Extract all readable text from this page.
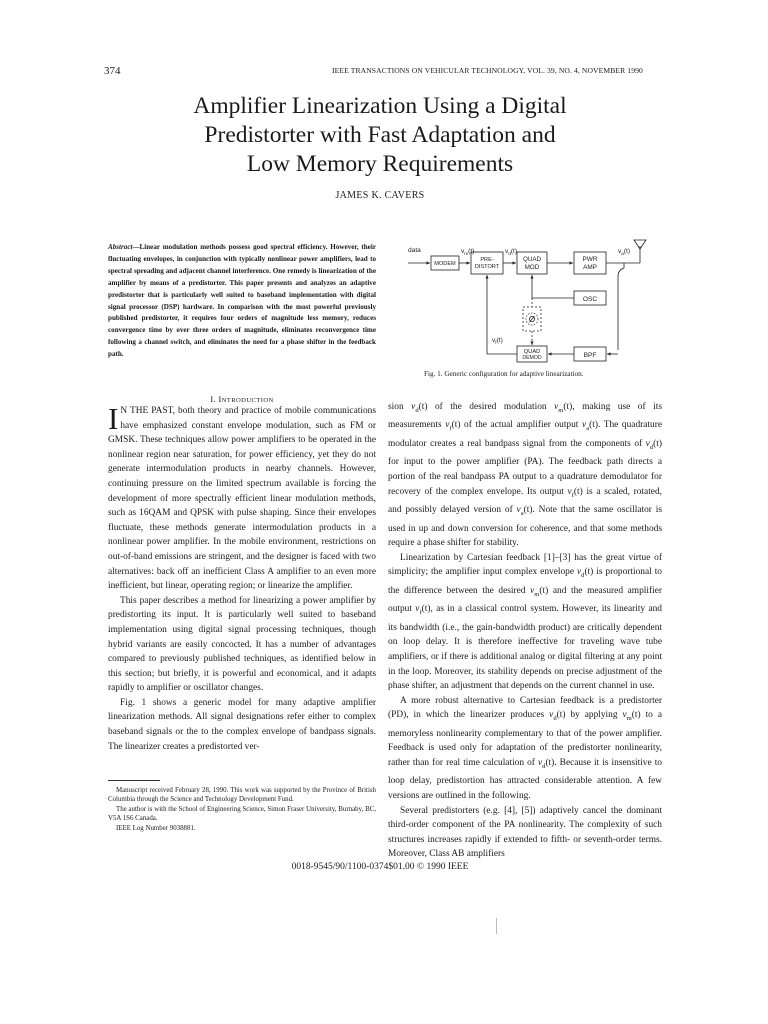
374	IEEE TRANSACTIONS ON VEHICULAR TECHNOLOGY, VOL. 39, NO. 4, NOVEMBER 1990
Amplifier Linearization Using a Digital
Predistorter with Fast Adaptation and
Low Memory Requirements
JAMES K. CAVERS
Abstract—Linear modulation methods possess good spectral efficiency. However, their fluctuating envelopes, in conjunction with typically nonlinear power amplifiers, lead to spectral spreading and adjacent channel interference. One remedy is linearization of the amplifier by means of a predistorter. This paper presents and analyzes an adaptive predistorter that is particularly well suited to baseband implementation with digital signal processor (DSP) hardware. In comparison with the most powerful previously published predistorter, it requires four orders of magnitude less memory, reduces convergence time by over three orders of magnitude, eliminates reconvergence time following a channel switch, and eliminates the need for a phase shifter in the feedback path.
Ø
MODEM
PRE-
DISTORT
QUAD
MOD
PWR
AMP
OSC
QUAD
DEMOD	BPF
data	$v_m(t)$	$v_d(t)$	$v_a(t)$
$v_f(t)$
Fig. 1. Generic configuration for adaptive linearization.
I. INTRODUCTION

I N THE PAST, both theory and practice of mobile communications have emphasized constant envelope modulation, such as FM or GMSK. These techniques allow power amplifiers to be operated in the nonlinear region near saturation, for power efficiency, yet they do not generate intermodulation products in nearby channels. However, continuing pressure on the limited spectrum available is forcing the development of more spectrally efficient linear modulation methods, such as 16QAM and QPSK with pulse shaping. Since their envelopes fluctuate, these methods generate intermodulation products in a nonlinear power amplifier. In the mobile environment, restrictions on out-of-band emissions are stringent, and the designer is faced with two alternatives: back off an inefficient Class A amplifier to an even more inefficient, but linear, operating region; or linearize the amplifier.

This paper describes a method for linearizing a power amplifier by predistorting its input. It is particularly well suited to baseband implementation using digital signal processing techniques, though hybrid variants are easily concocted. It has a number of advantages compared to previously published techniques, as identified below in this section; but briefly, it is powerful and economical, and it adapts rapidly to amplifier or oscillator changes.

Fig. 1 shows a generic model for many adaptive amplifier linearization methods. All signal designations refer either to complex baseband signals or the to the complex envelope of bandpass signals. The linearizer creates a predistorted ver-

Manuscript received February 28, 1990. This work was supported by the Province of British Columbia through the Science and Technology Development Fund.

The author is with the School of Engineering Science, Simon Fraser University, Burnaby, BC, V5A 1S6 Canada.

IEEE Log Number 9038881.

sion $v_d(t)$ of the desired modulation $v_m(t)$, making use of its measurements $v_f(t)$ of the actual amplifier output $v_a(t)$. The quadrature modulator creates a real bandpass signal from the components of $v_d(t)$ for input to the power amplifier (PA). The feedback path directs a portion of the real bandpass PA output to a quadrature demodulator for recovery of the complex envelope. Its output $v_f(t)$ is a scaled, rotated, and possibly delayed version of $v_a(t)$. Note that the same oscillator is used in up and down conversion for coherence, and that some methods require a phase shifter for stability.

Linearization by Cartesian feedback [1]–[3] has the great virtue of simplicity; the amplifier input complex envelope $v_d(t)$ is proportional to the difference between the desired $v_m(t)$ and the measured amplifier output $v_f(t)$, as in a classical control system. However, its linearity and its bandwidth (i.e., the gain-bandwidth product) are critically dependent on loop delay. It is therefore ineffective for traveling wave tube amplifiers, or if there is additional analog or digital filtering at any point in the loop. Moreover, its stability depends on precise adjustment of the phase shifter, an adjustment that depends on the current channel in use.

A more robust alternative to Cartesian feedback is a predistorter (PD), in which the linearizer produces $v_d(t)$ by applying $v_m(t)$ to a memoryless nonlinearity complementary to that of the power amplifier. Feedback is used only for adaptation of the predistorter nonlinearity, rather than for real time calculation of $v_d(t)$. Because it is insensitive to loop delay, predistortion has attracted considerable attention. A few versions are outlined in the following.

Several predistorters (e.g. [4], [5]) adaptively cancel the dominant third-order component of the PA nonlinearity. The complexity of such structures increases rapidly if extended to fifth- or seventh-order terms. Moreover, Class AB amplifiers

0018-9545/90/1100-0374$01.00 © 1990 IEEE
